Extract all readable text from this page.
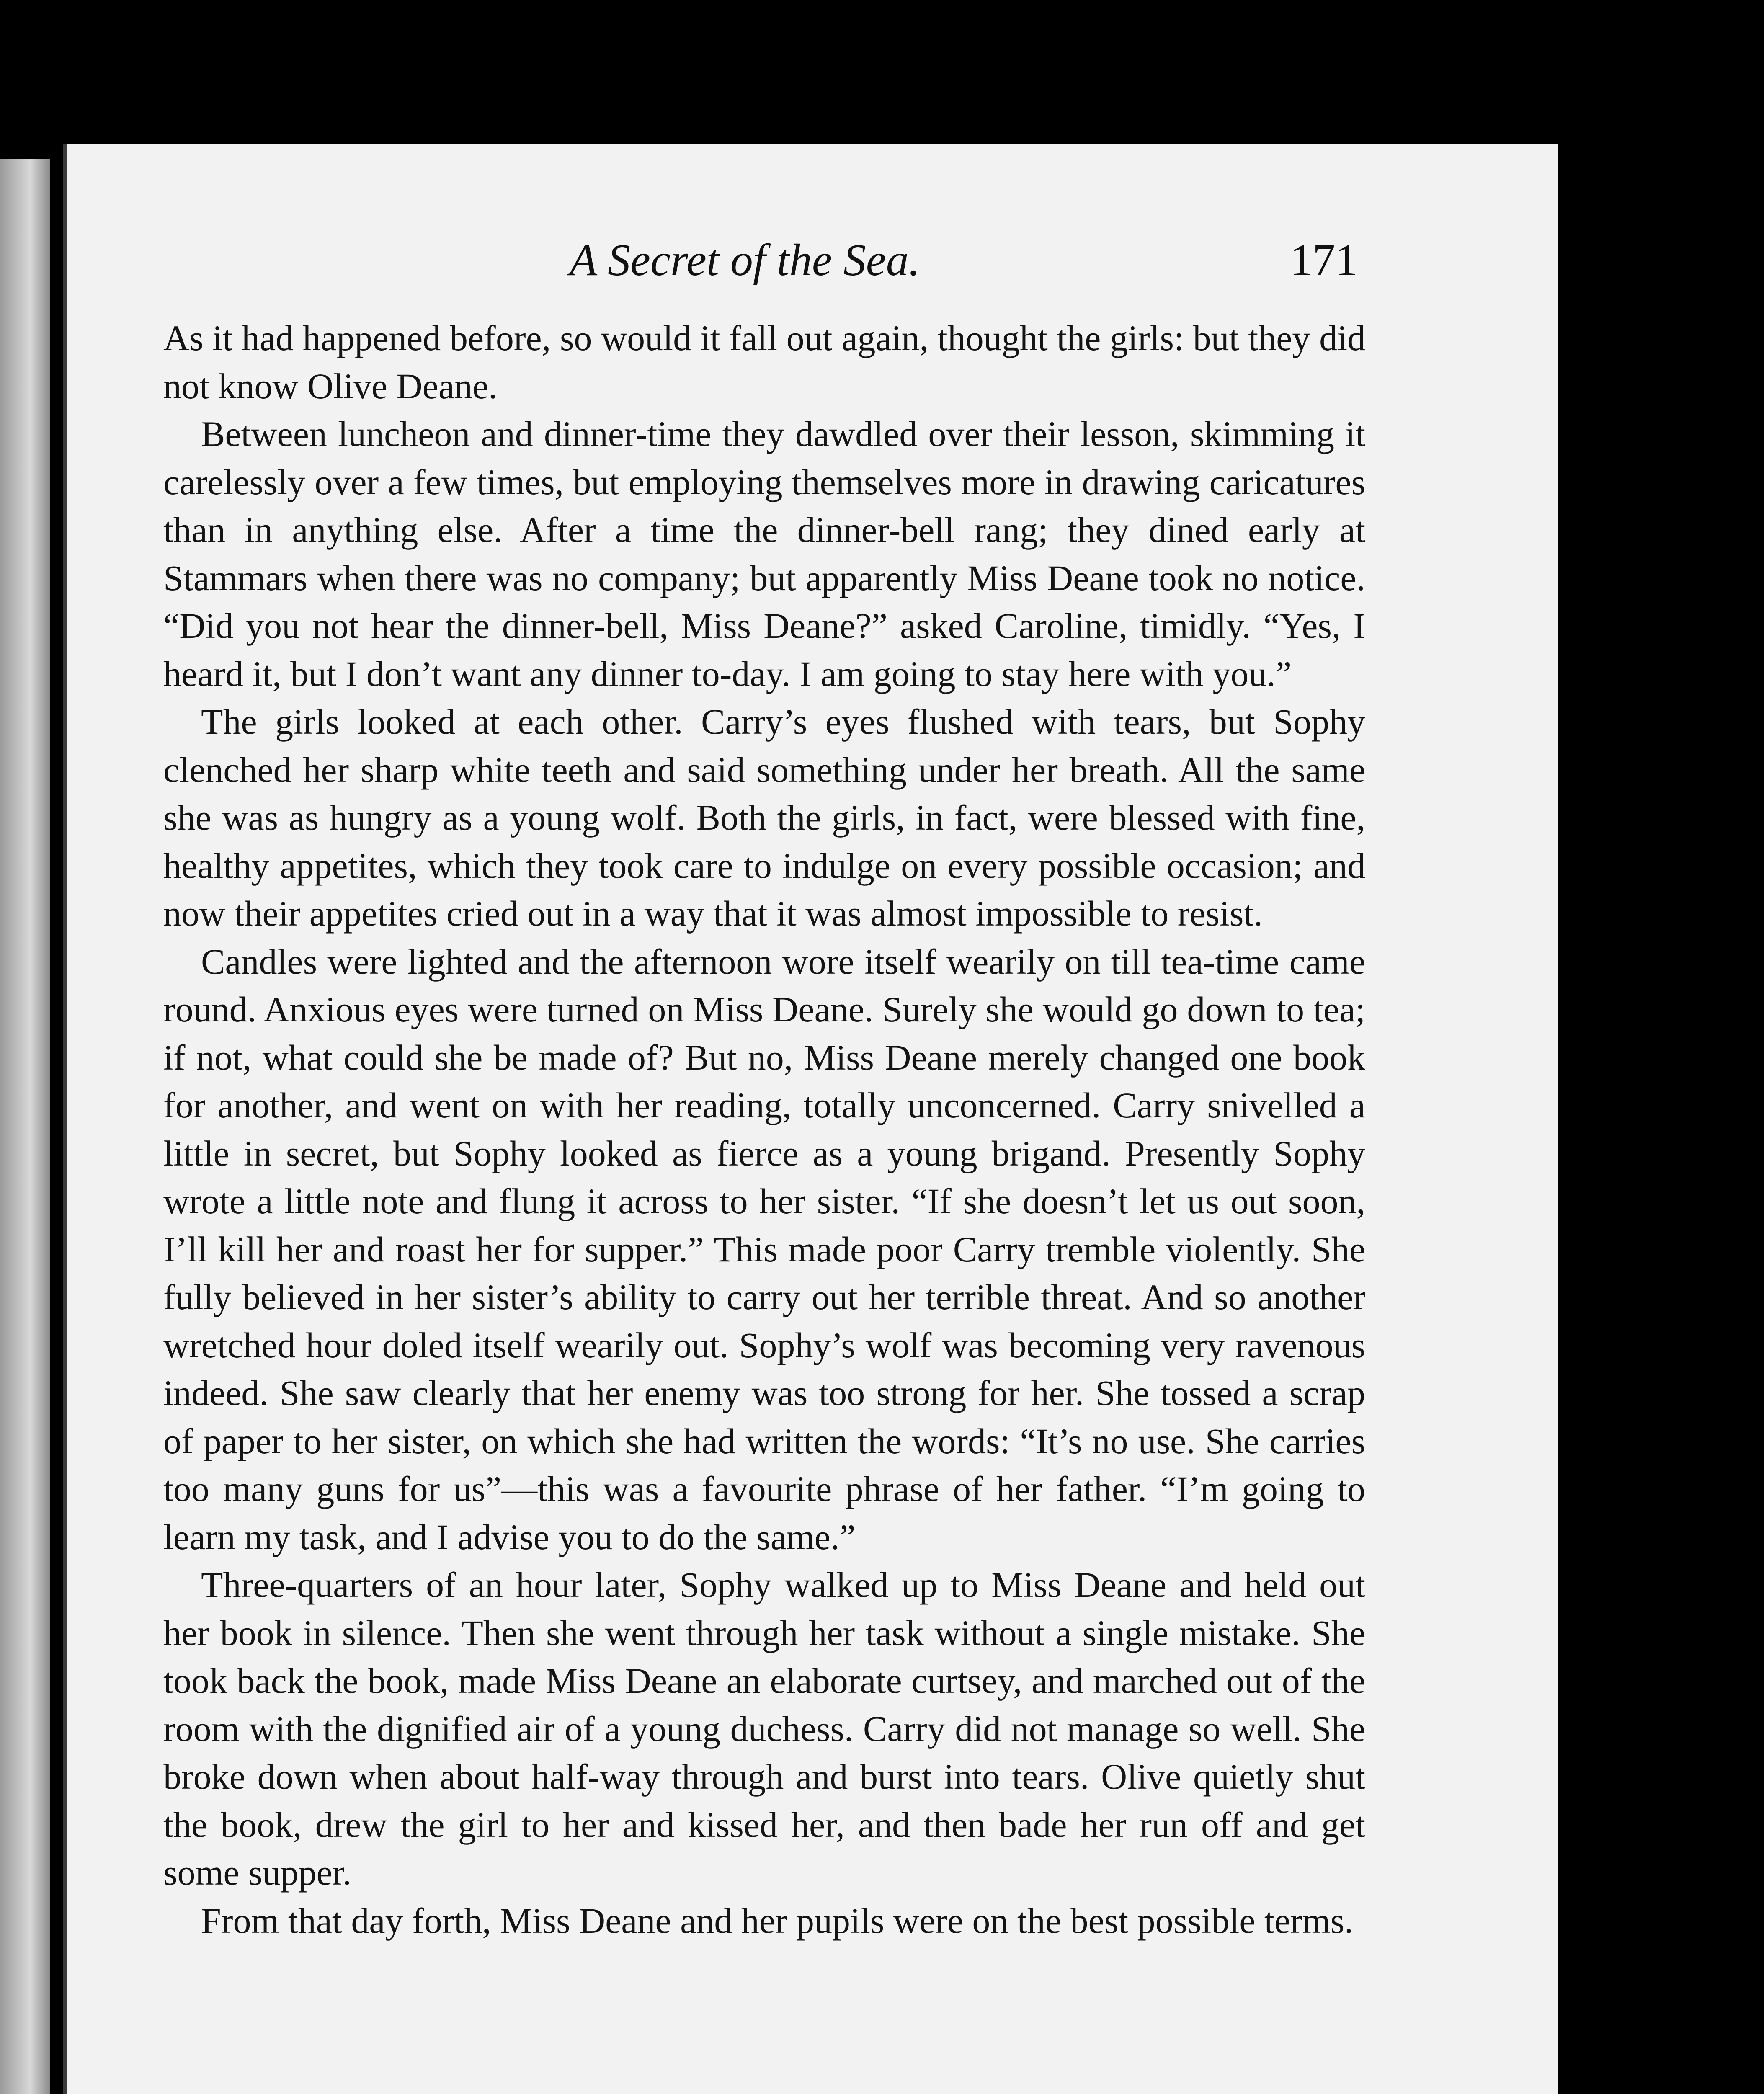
A Secret of the Sea.	171

As it had happened before, so would it fall out again, thought the girls: but they did not know Olive Deane.

Between luncheon and dinner-time they dawdled over their lesson, skimming it carelessly over a few times, but employing themselves more in drawing caricatures than in anything else. After a time the dinner-bell rang; they dined early at Stammars when there was no company; but apparently Miss Deane took no notice. “Did you not hear the dinner-bell, Miss Deane?” asked Caroline, timidly. “Yes, I heard it, but I don’t want any dinner to-day. I am going to stay here with you.”

The girls looked at each other. Carry’s eyes flushed with tears, but Sophy clenched her sharp white teeth and said something under her breath. All the same she was as hungry as a young wolf. Both the girls, in fact, were blessed with fine, healthy appetites, which they took care to indulge on every possible occasion; and now their appetites cried out in a way that it was almost impossible to resist.

Candles were lighted and the afternoon wore itself wearily on till tea-time came round. Anxious eyes were turned on Miss Deane. Surely she would go down to tea; if not, what could she be made of? But no, Miss Deane merely changed one book for another, and went on with her reading, totally unconcerned. Carry snivelled a little in secret, but Sophy looked as fierce as a young brigand. Presently Sophy wrote a little note and flung it across to her sister. “If she doesn’t let us out soon, I’ll kill her and roast her for supper.” This made poor Carry tremble violently. She fully believed in her sister’s ability to carry out her terrible threat. And so another wretched hour doled itself wearily out. Sophy’s wolf was becoming very ravenous indeed. She saw clearly that her enemy was too strong for her. She tossed a scrap of paper to her sister, on which she had written the words: “It’s no use. She carries too many guns for us”—this was a favourite phrase of her father. “I’m going to learn my task, and I advise you to do the same.”

Three-quarters of an hour later, Sophy walked up to Miss Deane and held out her book in silence. Then she went through her task without a single mistake. She took back the book, made Miss Deane an elaborate curtsey, and marched out of the room with the dignified air of a young duchess. Carry did not manage so well. She broke down when about half-way through and burst into tears. Olive quietly shut the book, drew the girl to her and kissed her, and then bade her run off and get some supper.

From that day forth, Miss Deane and her pupils were on the best possible terms.
